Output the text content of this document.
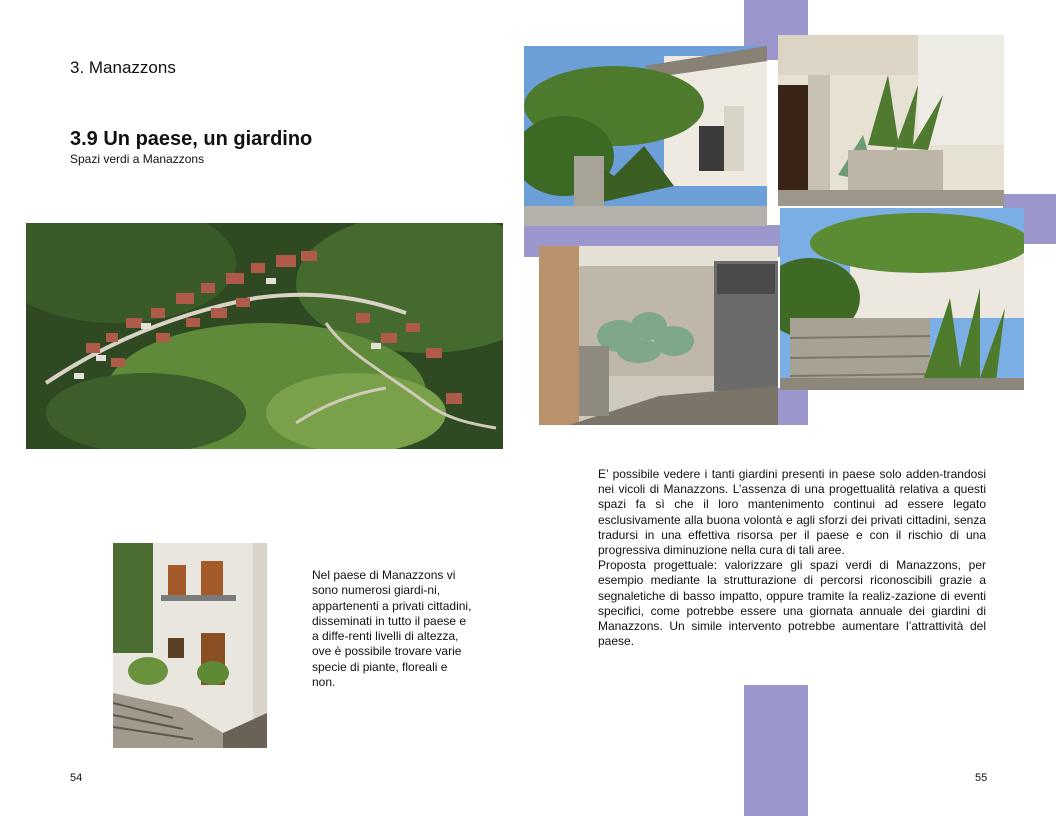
3. Manazzons
3.9 Un paese, un giardino
Spazi verdi a Manazzons
Nel paese di Manazzons vi sono numerosi giardi-ni, appartenenti a privati cittadini, disseminati in tutto il paese e a diffe-renti livelli di altezza, ove è possibile trovare varie specie di piante, floreali e non.

E’ possibile vedere i tanti giardini presenti in paese solo adden-trandosi nei vicoli di Manazzons. L’assenza di una progettualità relativa a questi spazi fa sì che il loro mantenimento continui ad essere legato esclusivamente alla buona volontà e agli sforzi dei privati cittadini, senza tradursi in una effettiva risorsa per il paese e con il rischio di una progressiva diminuzione nella cura di tali aree.

Proposta progettuale: valorizzare gli spazi verdi di Manazzons, per esempio mediante la strutturazione di percorsi riconoscibili grazie a segnaletiche di basso impatto, oppure tramite la realiz-zazione di eventi specifici, come potrebbe essere una giornata annuale dei giardini di Manazzons. Un simile intervento potrebbe aumentare l’attrattività del paese.

54	55
